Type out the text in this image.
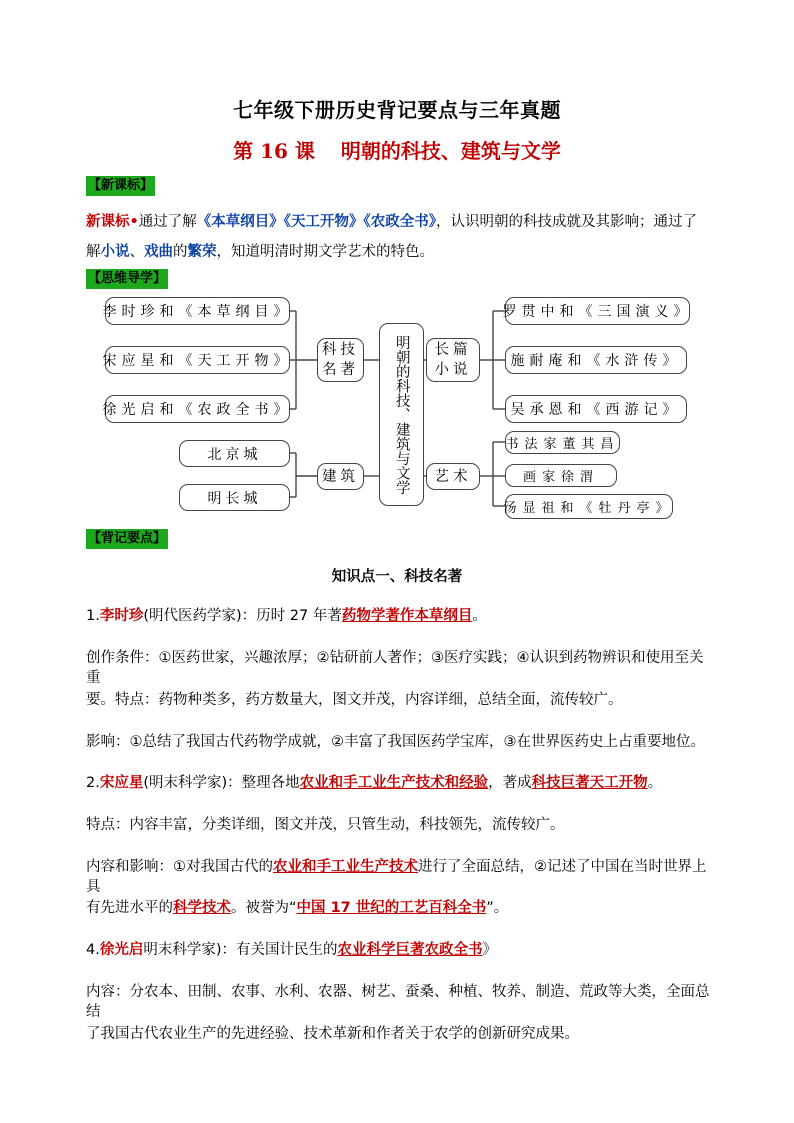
七年级下册历史背记要点与三年真题
第 16 课 明朝的科技、建筑与文学
【新课标】
新课标•通过了解《本草纲目》《天工开物》《农政全书》，认识明朝的科技成就及其影响；通过了
解小说、戏曲的繁荣，知道明清时期文学艺术的特色。
【思维导学】
李时珍和《本草纲目》
宋应星和《天工开物》
徐光启和《农政全书》
科技名著 明朝的科技、建筑与文学 长篇小说
罗贯中和《三国演义》
施耐庵和《水浒传》
吴承恩和《西游记》
北京城
明长城
建筑	艺术
书法家董其昌
画家徐渭
汤显祖和《牡丹亭》
【背记要点】
知识点一、科技名著
1.李时珍(明代医药学家)：历时 27 年著药物学著作本草纲目。
创作条件：①医药世家，兴趣浓厚；②钻研前人著作；③医疗实践；④认识到药物辨识和使用至关重
要。特点：药物种类多，药方数量大，图文并茂，内容详细，总结全面，流传较广。
影响：①总结了我国古代药物学成就，②丰富了我国医药学宝库，③在世界医药史上占重要地位。
2.宋应星(明末科学家)：整理各地农业和手工业生产技术和经验，著成科技巨著天工开物。
特点：内容丰富，分类详细，图文并茂，只管生动，科技领先，流传较广。
内容和影响：①对我国古代的农业和手工业生产技术进行了全面总结，②记述了中国在当时世界上具
有先进水平的科学技术。被誉为“中国 17 世纪的工艺百科全书”。
4.徐光启明末科学家)：有关国计民生的农业科学巨著农政全书》
内容：分农本、田制、农事、水利、农器、树艺、蚕桑、种植、牧养、制造、荒政等大类，全面总结
了我国古代农业生产的先进经验、技术革新和作者关于农学的创新研究成果。
